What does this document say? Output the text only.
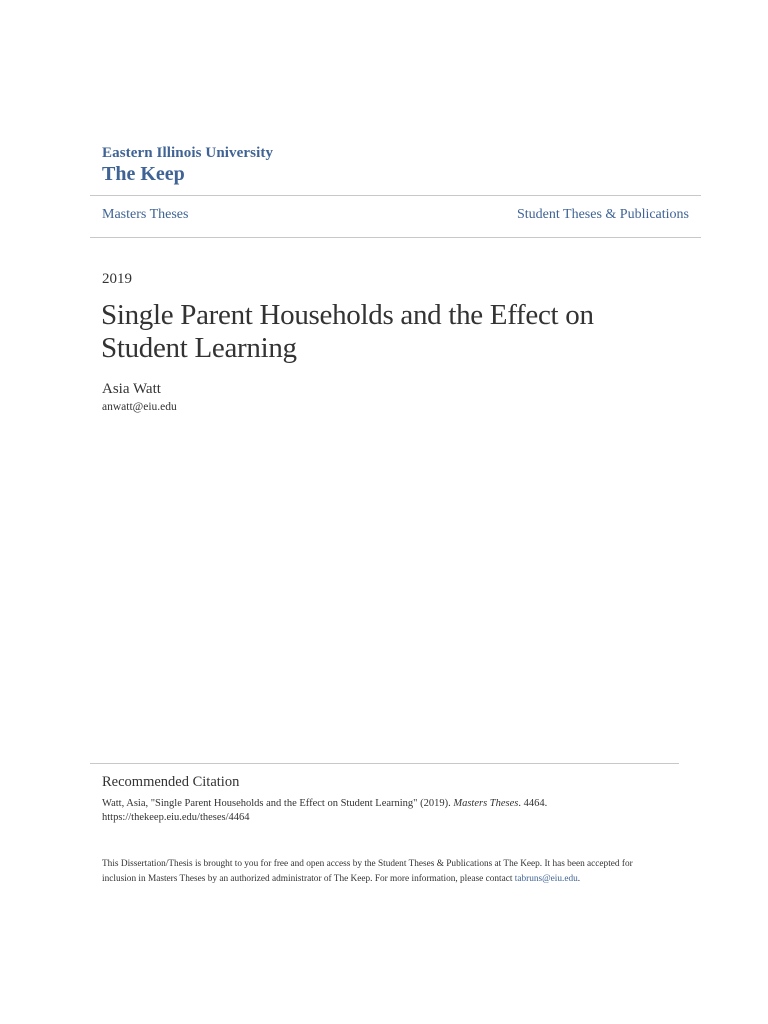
Eastern Illinois University
The Keep
Masters Theses	Student Theses & Publications
2019
Single Parent Households and the Effect on
Student Learning
Asia Watt
anwatt@eiu.edu
Recommended Citation
Watt, Asia, "Single Parent Households and the Effect on Student Learning" (2019). Masters Theses. 4464.
https://thekeep.eiu.edu/theses/4464
This Dissertation/Thesis is brought to you for free and open access by the Student Theses & Publications at The Keep. It has been accepted for
inclusion in Masters Theses by an authorized administrator of The Keep. For more information, please contact tabruns@eiu.edu.
